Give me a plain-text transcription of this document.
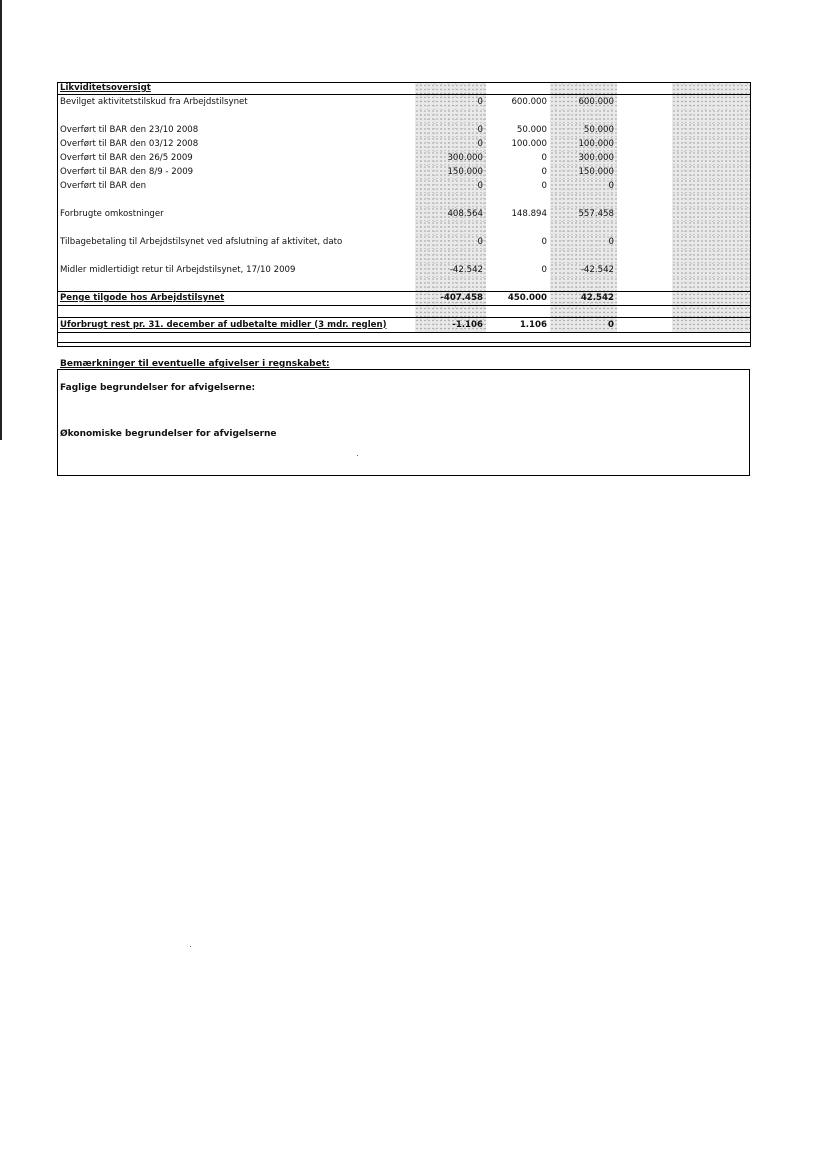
Likviditetsoversigt					
Bevilget aktivitetstilskud fra Arbejdstilsynet	0	600.000	600.000		

Overført til BAR den 23/10 2008	0	50.000	50.000		
Overført til BAR den 03/12 2008	0	100.000	100.000		
Overført til BAR den 26/5 2009	300.000	0	300.000		
Overført til BAR den 8/9 - 2009	150.000	0	150.000		
Overført til BAR den	0	0	0		

Forbrugte omkostninger	408.564	148.894	557.458		

Tilbagebetaling til Arbejdstilsynet ved afslutning af aktivitet, dato	0	0	0		

Midler midlertidigt retur til Arbejdstilsynet, 17/10 2009	-42.542	0	-42.542		

Penge tilgode hos Arbejdstilsynet	-407.458	450.000	42.542		

Uforbrugt rest pr. 31. december af udbetalte midler (3 mdr. reglen)	-1.106	1.106	0		

Bemærkninger til eventuelle afgivelser i regnskabet:
Faglige begrundelser for afvigelserne:
Økonomiske begrundelser for afvigelserne
